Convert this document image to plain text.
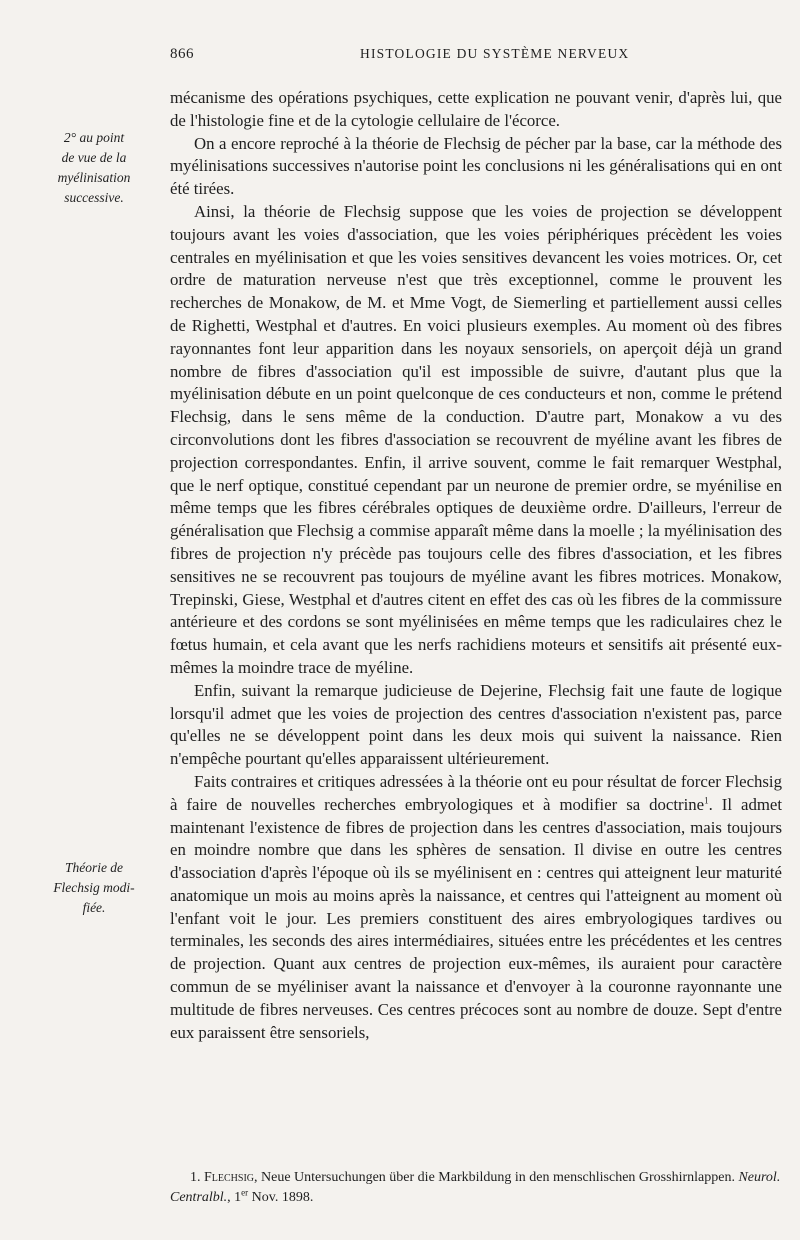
866	HISTOLOGIE DU SYSTÈME NERVEUX
2° au point
de vue de la
myélinisation
successive.
Théorie de
Flechsig modi-
fiée.

mécanisme des opérations psychiques, cette explication ne pouvant venir, d'après lui, que de l'histologie fine et de la cytologie cellulaire de l'écorce.

On a encore reproché à la théorie de Flechsig de pécher par la base, car la méthode des myélinisations successives n'autorise point les conclusions ni les généralisations qui en ont été tirées.

Ainsi, la théorie de Flechsig suppose que les voies de projection se développent toujours avant les voies d'association, que les voies périphériques précèdent les voies centrales en myélinisation et que les voies sensitives devancent les voies motrices. Or, cet ordre de maturation nerveuse n'est que très exceptionnel, comme le prouvent les recherches de Monakow, de M. et Mme Vogt, de Siemerling et partiellement aussi celles de Righetti, Westphal et d'autres. En voici plusieurs exemples. Au moment où des fibres rayonnantes font leur apparition dans les noyaux sensoriels, on aperçoit déjà un grand nombre de fibres d'association qu'il est impossible de suivre, d'autant plus que la myélinisation débute en un point quelconque de ces conducteurs et non, comme le prétend Flechsig, dans le sens même de la conduction. D'autre part, Monakow a vu des circonvolutions dont les fibres d'association se recouvrent de myéline avant les fibres de projection correspondantes. Enfin, il arrive souvent, comme le fait remarquer Westphal, que le nerf optique, constitué cependant par un neurone de premier ordre, se myénilise en même temps que les fibres cérébrales optiques de deuxième ordre. D'ailleurs, l'erreur de généralisation que Flechsig a commise apparaît même dans la moelle ; la myélinisation des fibres de projection n'y précède pas toujours celle des fibres d'association, et les fibres sensitives ne se recouvrent pas toujours de myéline avant les fibres motrices. Monakow, Trepinski, Giese, Westphal et d'autres citent en effet des cas où les fibres de la commissure antérieure et des cordons se sont myélinisées en même temps que les radiculaires chez le fœtus humain, et cela avant que les nerfs rachidiens moteurs et sensitifs ait présenté eux-mêmes la moindre trace de myéline.

Enfin, suivant la remarque judicieuse de Dejerine, Flechsig fait une faute de logique lorsqu'il admet que les voies de projection des centres d'association n'existent pas, parce qu'elles ne se développent point dans les deux mois qui suivent la naissance. Rien n'empêche pourtant qu'elles apparaissent ultérieurement.

Faits contraires et critiques adressées à la théorie ont eu pour résultat de forcer Flechsig à faire de nouvelles recherches embryologiques et à modifier sa doctrine$^1$. Il admet maintenant l'existence de fibres de projection dans les centres d'association, mais toujours en moindre nombre que dans les sphères de sensation. Il divise en outre les centres d'association d'après l'époque où ils se myélinisent en : centres qui atteignent leur maturité anatomique un mois au moins après la naissance, et centres qui l'atteignent au moment où l'enfant voit le jour. Les premiers constituent des aires embryologiques tardives ou terminales, les seconds des aires intermédiaires, situées entre les précédentes et les centres de projection. Quant aux centres de projection eux-mêmes, ils auraient pour caractère commun de se myéliniser avant la naissance et d'envoyer à la couronne rayonnante une multitude de fibres nerveuses. Ces centres précoces sont au nombre de douze. Sept d'entre eux paraissent être sensoriels,

1. Flechsig, Neue Untersuchungen über die Markbildung in den menschlischen Grosshirnlappen. Neurol. Centralbl., 1er Nov. 1898.
